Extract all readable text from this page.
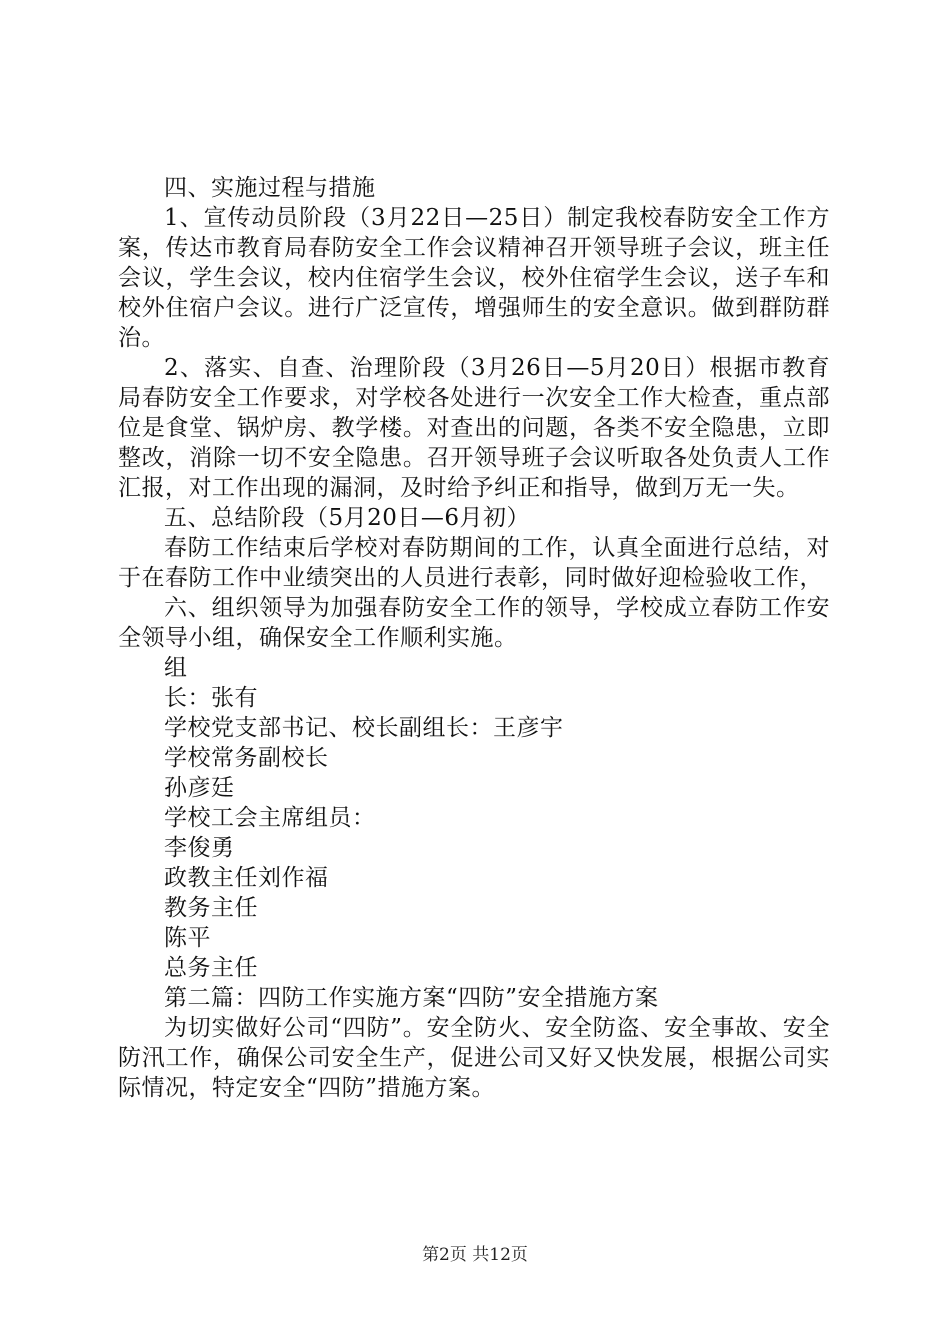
四、实施过程与措施

1、宣传动员阶段（3月22日—25日）制定我校春防安全工作方案，传达市教育局春防安全工作会议精神召开领导班子会议，班主任会议，学生会议，校内住宿学生会议，校外住宿学生会议，送子车和校外住宿户会议。进行广泛宣传，增强师生的安全意识。做到群防群治。

2、落实、自查、治理阶段（3月26日—5月20日）根据市教育局春防安全工作要求，对学校各处进行一次安全工作大检查，重点部位是食堂、锅炉房、教学楼。对查出的问题，各类不安全隐患，立即整改，消除一切不安全隐患。召开领导班子会议听取各处负责人工作汇报，对工作出现的漏洞，及时给予纠正和指导，做到万无一失。

五、总结阶段（5月20日—6月初）

春防工作结束后学校对春防期间的工作，认真全面进行总结，对于在春防工作中业绩突出的人员进行表彰，同时做好迎检验收工作，

六、组织领导为加强春防安全工作的领导，学校成立春防工作安全领导小组，确保安全工作顺利实施。

组

长：张有

学校党支部书记、校长副组长：王彦宇

学校常务副校长

孙彦廷

学校工会主席组员：

李俊勇

政教主任刘作福

教务主任

陈平

总务主任

第二篇：四防工作实施方案“四防”安全措施方案

为切实做好公司“四防”。安全防火、安全防盗、安全事故、安全防汛工作，确保公司安全生产，促进公司又好又快发展，根据公司实际情况，特定安全“四防”措施方案。

第2页 共12页
